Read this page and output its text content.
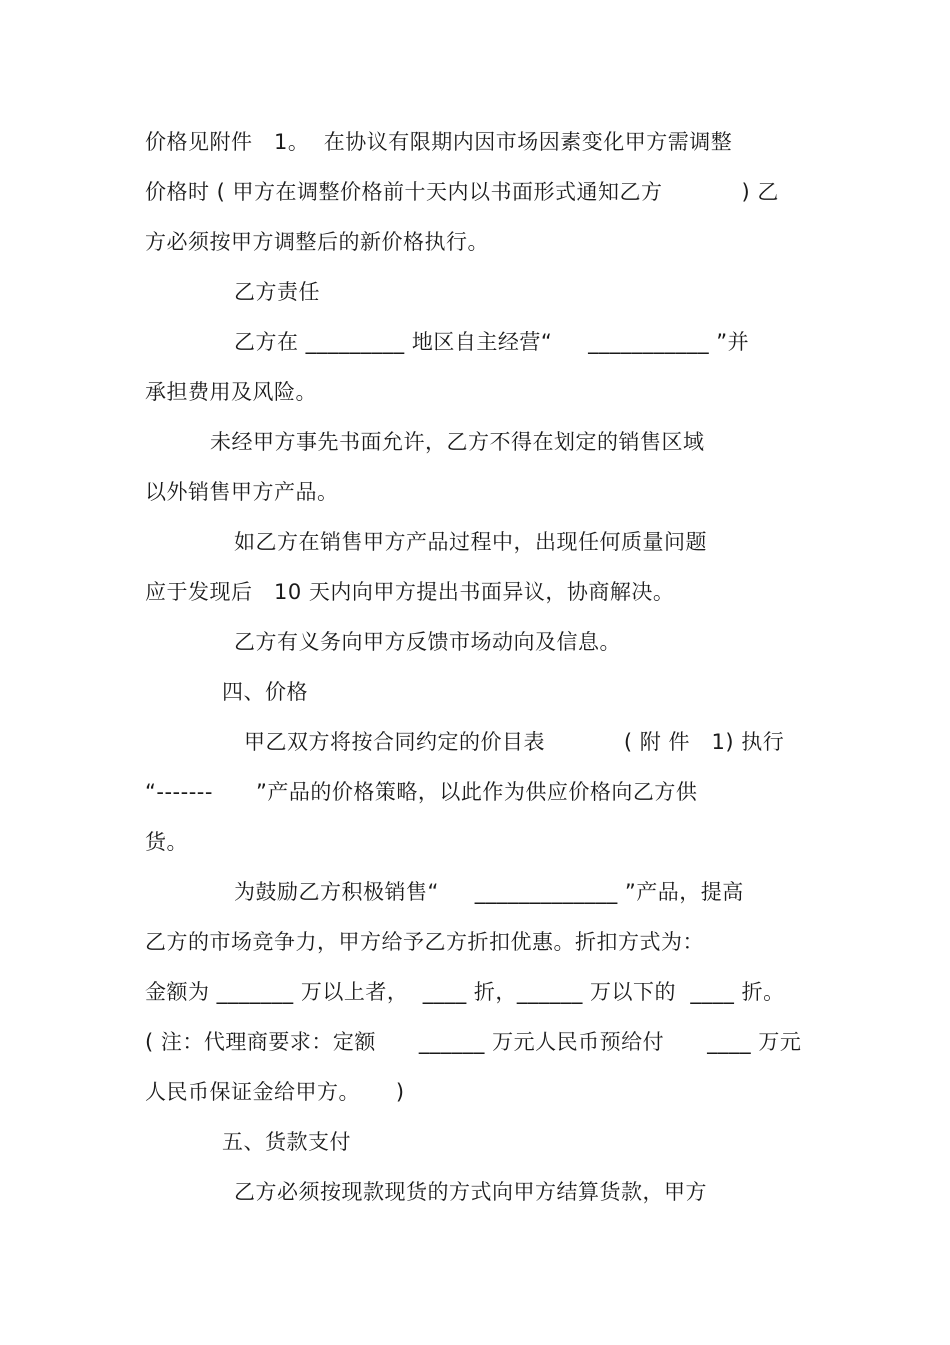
价格见附件   1。  在协议有限期内因市场因素变化甲方需调整
价格时 ( 甲方在调整价格前十天内以书面形式通知乙方           ) 乙
方必须按甲方调整后的新价格执行。
乙方责任
乙方在 _________ 地区自主经营“     ___________ ”并
承担费用及风险。
未经甲方事先书面允许，乙方不得在划定的销售区域
以外销售甲方产品。
如乙方在销售甲方产品过程中，出现任何质量问题
应于发现后   10 天内向甲方提出书面异议，协商解决。
乙方有义务向甲方反馈市场动向及信息。
四、价格
甲乙双方将按合同约定的价目表           ( 附 件   1) 执行
“-------      ”产品的价格策略，以此作为供应价格向乙方供
货。
为鼓励乙方积极销售“     _____________ ”产品，提高
乙方的市场竞争力，甲方给予乙方折扣优惠。折扣方式为：
金额为 _______ 万以上者，  ____ 折，______ 万以下的  ____ 折。
( 注：代理商要求：定额      ______ 万元人民币预给付      ____ 万元
人民币保证金给甲方。     )
五、货款支付
乙方必须按现款现货的方式向甲方结算货款，甲方
